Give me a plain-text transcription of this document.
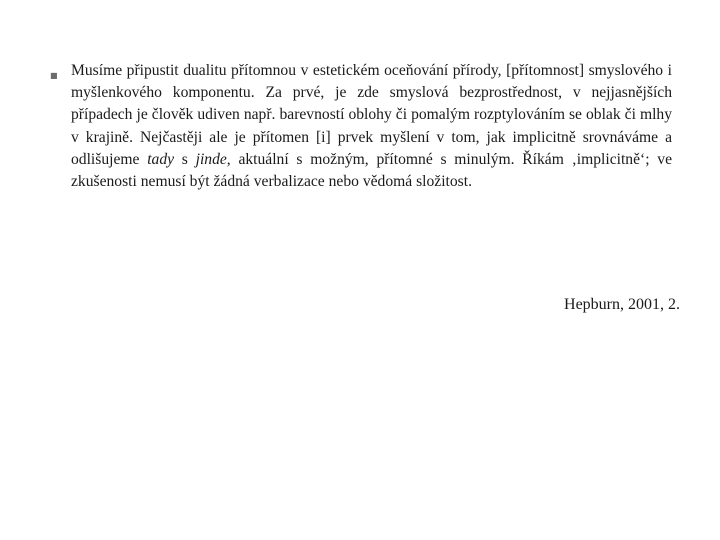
■ Musíme připustit dualitu přítomnou v estetickém oceňování přírody, [přítomnost] smyslového i myšlenkového komponentu. Za prvé, je zde smyslová bezprostřednost, v nejjasnějších případech je člověk udiven např. barevností oblohy či pomalým rozptylováním se oblak či mlhy v krajině. Nejčastěji ale je přítomen [i] prvek myšlení v tom, jak implicitně srovnáváme a odlišujeme tady s jinde, aktuální s možným, přítomné s minulým. Říkám ‚implicitně‘; ve zkušenosti nemusí být žádná verbalizace nebo vědomá složitost.

Hepburn, 2001, 2.
